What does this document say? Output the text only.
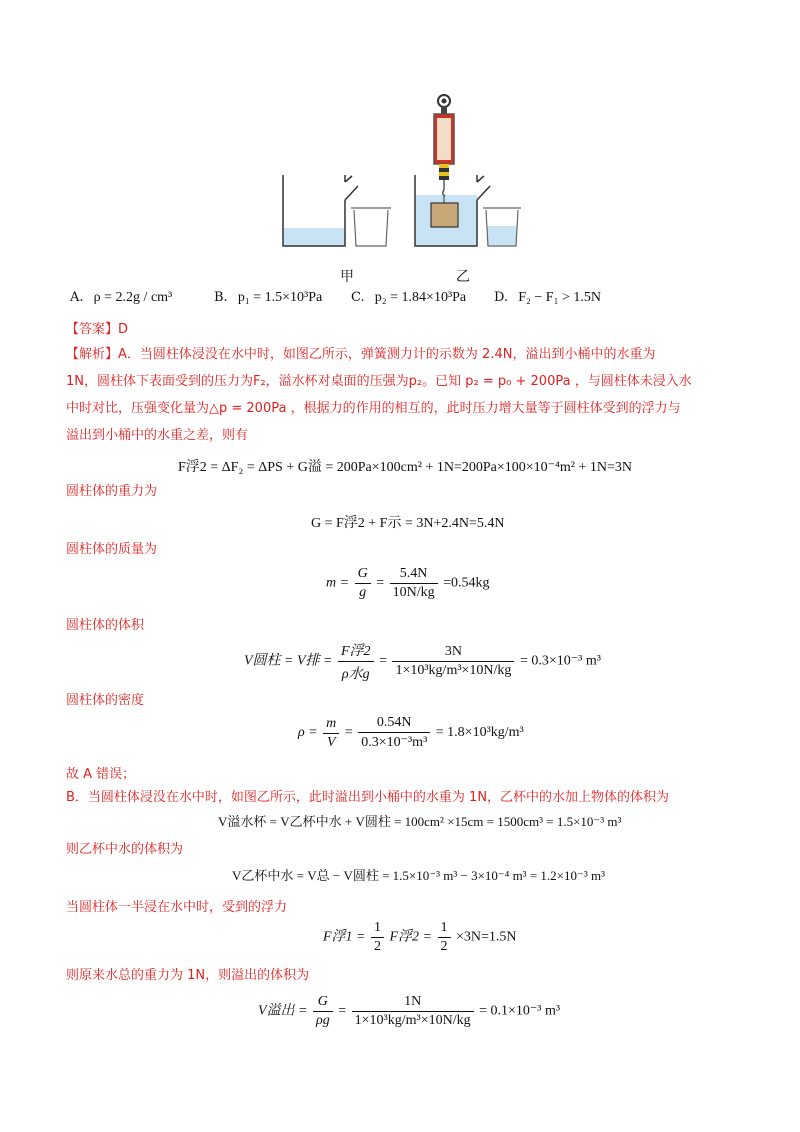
甲	乙
A. ρ = 2.2g / cm³	B. p₁ = 1.5×10³Pa C. p₂ = 1.84×10³Pa D. F₂ − F₁ > 1.5N
【答案】D
【解析】A．当圆柱体浸没在水中时，如图乙所示，弹簧测力计的示数为 2.4N，溢出到小桶中的水重为
1N，圆柱体下表面受到的压力为F₂，溢水杯对桌面的压强为p₂。已知 p₂ = p₀ + 200Pa ，与圆柱体未浸入水
中时对比，压强变化量为△p = 200Pa ，根据力的作用的相互的，此时压力增大量等于圆柱体受到的浮力与
溢出到小桶中的水重之差，则有
F浮2 = ΔF₂ = ΔPS + G溢 = 200Pa×100cm² + 1N=200Pa×100×10⁻⁴m² + 1N=3N
圆柱体的重力为
G = F浮2 + F示 = 3N+2.4N=5.4N
圆柱体的质量为
$m = \frac{G}{g} = \frac{5.4N}{10N/kg} =0.54kg$
圆柱体的体积
V圆柱 = V排 = $\frac{\text{F浮2}}{\text{ρ水g}} = \frac{3N}{\text{1×10³kg/m³×10N/kg}} = 0.3\times 10^{-3}$ m³
圆柱体的密度
$\rho = \frac{m}{V} = \frac{0.54N}{\text{0.3×10⁻³m³}} = 1.8\times 10^3kg/m^3$
故 A 错误；
B．当圆柱体浸没在水中时，如图乙所示，此时溢出到小桶中的水重为 1N，乙杯中的水加上物体的体积为
V溢水杯 = V乙杯中水 + V圆柱 = 100cm² ×15cm = 1500cm³ = 1.5×10⁻³ m³
则乙杯中水的体积为
V乙杯中水 = V总 − V圆柱 = 1.5×10⁻³ m³ − 3×10⁻⁴ m³ = 1.2×10⁻³ m³
当圆柱体一半浸在水中时，受到的浮力
F浮$1 = \frac{1}{2}$ F浮$2 = \frac{1}{2} \times 3N=1.5N$
则原来水总的重力为 1N，则溢出的体积为
V溢出 = $\frac{G}{\rho g} = \frac{1N}{\text{1×10³kg/m³×10N/kg}} = 0.1\times 10^{-3}$ m³
